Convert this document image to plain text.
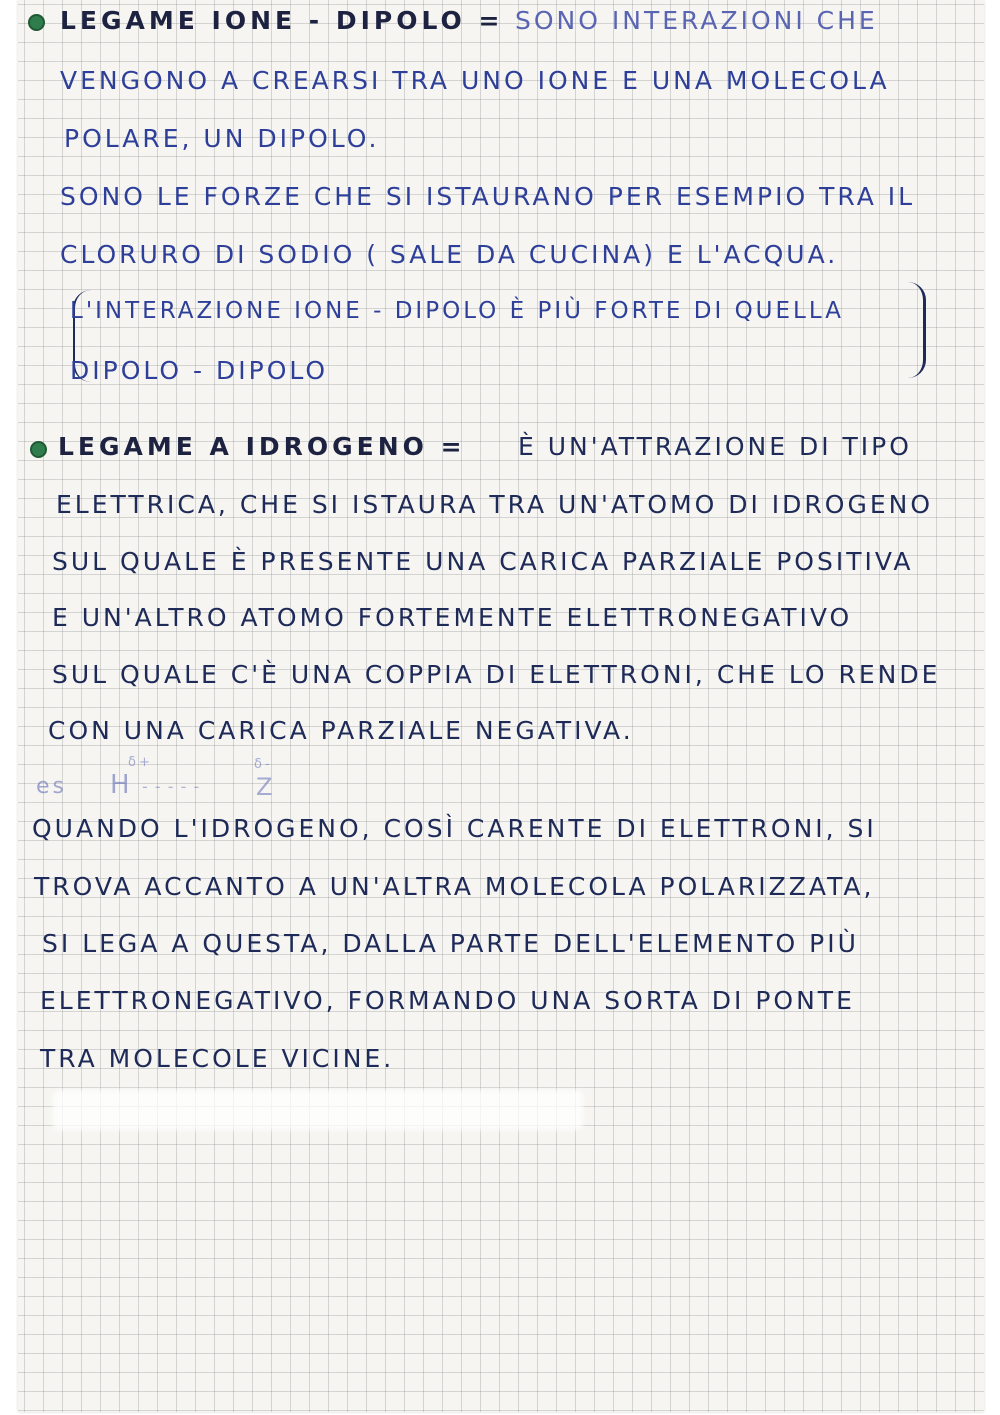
LEGAME IONE - DIPOLO = SONO INTERAZIONI CHE
VENGONO A CREARSI TRA UNO IONE E UNA MOLECOLA
POLARE, UN DIPOLO.
SONO LE FORZE CHE SI ISTAURANO PER ESEMPIO TRA IL
CLORURO DI SODIO ( SALE DA CUCINA) E L'ACQUA.
L'INTERAZIONE IONE - DIPOLO È PIÙ FORTE DI QUELLA
DIPOLO - DIPOLO
LEGAME A IDROGENO = È UN'ATTRAZIONE DI TIPO
ELETTRICA, CHE SI ISTAURA TRA UN'ATOMO DI IDROGENO
SUL QUALE È PRESENTE UNA CARICA PARZIALE POSITIVA
E UN'ALTRO ATOMO FORTEMENTE ELETTRONEGATIVO
SUL QUALE C'È UNA COPPIA DI ELETTRONI, CHE LO RENDE
CON UNA CARICA PARZIALE NEGATIVA.
es H
δ+
- - - - - Z
δ-
QUANDO L'IDROGENO, COSÌ CARENTE DI ELETTRONI, SI
TROVA ACCANTO A UN'ALTRA MOLECOLA POLARIZZATA,
SI LEGA A QUESTA, DALLA PARTE DELL'ELEMENTO PIÙ
ELETTRONEGATIVO, FORMANDO UNA SORTA DI PONTE
TRA MOLECOLE VICINE.
